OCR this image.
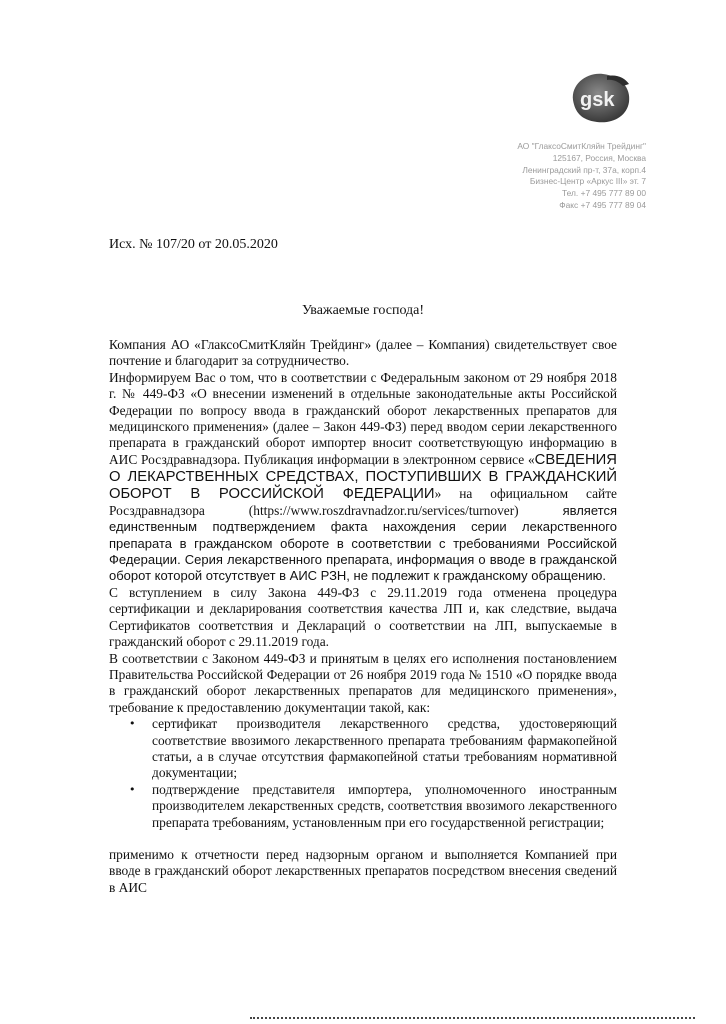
gsk
АО "ГлаксоСмитКляйн Трейдинг"
125167, Россия, Москва
Ленинградский пр-т, 37а, корп.4
Бизнес-Центр «Аркус III» эт. 7
Тел. +7 495 777 89 00
Факс +7 495 777 89 04
Исх. № 107/20 от 20.05.2020
Уважаемые господа!

Компания АО «ГлаксоСмитКляйн Трейдинг» (далее – Компания) свидетельствует свое почтение и благодарит за сотрудничество.

Информируем Вас о том, что в соответствии с Федеральным законом от 29 ноября 2018 г. № 449-ФЗ «О внесении изменений в отдельные законодательные акты Российской Федерации по вопросу ввода в гражданский оборот лекарственных препаратов для медицинского применения» (далее – Закон 449-ФЗ) перед вводом серии лекарственного препарата в гражданский оборот импортер вносит соответствующую информацию в АИС Росздравнадзора. Публикация информации в электронном сервисе «СВЕДЕНИЯ О ЛЕКАРСТВЕННЫХ СРЕДСТВАХ, ПОСТУПИВШИХ В ГРАЖДАНСКИЙ ОБОРОТ В РОССИЙСКОЙ ФЕДЕРАЦИИ» на официальном сайте Росздравнадзора (https://www.roszdravnadzor.ru/services/turnover) является единственным подтверждением факта нахождения серии лекарственного препарата в гражданском обороте в соответствии с требованиями Российской Федерации. Серия лекарственного препарата, информация о вводе в гражданской оборот которой отсутствует в АИС РЗН, не подлежит к гражданскому обращению.

С вступлением в силу Закона 449-ФЗ с 29.11.2019 года отменена процедура сертификации и декларирования соответствия качества ЛП и, как следствие, выдача Сертификатов соответствия и Деклараций о соответствии на ЛП, выпускаемые в гражданский оборот с 29.11.2019 года.

В соответствии с Законом 449-ФЗ и принятым в целях его исполнения постановлением Правительства Российской Федерации от 26 ноября 2019 года № 1510 «О порядке ввода в гражданский оборот лекарственных препаратов для медицинского применения», требование к предоставлению документации такой, как:

• сертификат производителя лекарственного средства, удостоверяющий соответствие ввозимого лекарственного препарата требованиям фармакопейной статьи, а в случае отсутствия фармакопейной статьи требованиям нормативной документации;
• подтверждение представителя импортера, уполномоченного иностранным производителем лекарственных средств, соответствия ввозимого лекарственного препарата требованиям, установленным при его государственной регистрации;

применимо к отчетности перед надзорным органом и выполняется Компанией при вводе в гражданский оборот лекарственных препаратов посредством внесения сведений в АИС
